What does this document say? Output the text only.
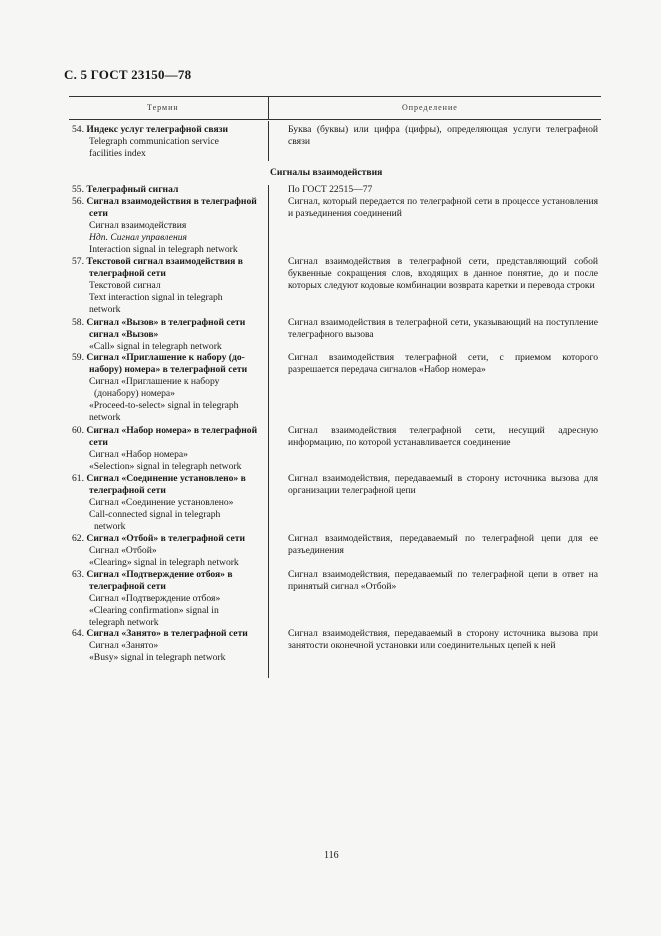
С. 5 ГОСТ 23150—78
Термин	Определение
54. Индекс услуг телеграфной связи
Telegraph communication service
facilities index
Буква (буквы) или цифра (цифры), определяющая услуги телеграфной связи
Сигналы взаимодействия
55. Телеграфный сигнал	По ГОСТ 22515—77
56. Сигнал взаимодействия в телеграфной
сети
Сигнал взаимодействия
Ндп. Сигнал управления
Interaction signal in telegraph network
Сигнал, который передается по телеграфной сети в процессе установления и разъединения соединений
57. Текстовой сигнал взаимодействия в
телеграфной сети
Текстовой сигнал
Text interaction signal in telegraph
network
Сигнал взаимодействия в телеграфной сети, представляющий собой буквенные сокращения слов, входящих в данное понятие, до и после которых следуют кодовые комбинации возврата каретки и перевода строки
58. Сигнал «Вызов» в телеграфной сети
сигнал «Вызов»
«Call» signal in telegraph network
Сигнал взаимодействия в телеграфной сети, указывающий на поступление телеграфного вызова
59. Сигнал «Приглашение к набору (до-
набору) номера» в телеграфной сети
Сигнал «Приглашение к набору
(донабору) номера»
«Proceed-to-select» signal in telegraph
network
Сигнал взаимодействия телеграфной сети, с приемом которого разрешается передача сигналов «Набор номера»
60. Сигнал «Набор номера» в телеграфной
сети
Сигнал «Набор номера»
«Selection» signal in telegraph network
Сигнал взаимодействия телеграфной сети, несущий адресную информацию, по которой устанавливается соединение
61. Сигнал «Соединение установлено» в
телеграфной сети
Сигнал «Соединение установлено»
Call-connected signal in telegraph
network
Сигнал взаимодействия, передаваемый в сторону источника вызова для организации телеграфной цепи
62. Сигнал «Отбой» в телеграфной сети
Сигнал «Отбой»
«Clearing» signal in telegraph network
Сигнал взаимодействия, передаваемый по телеграфной цепи для ее разъединения
63. Сигнал «Подтверждение отбоя» в
телеграфной сети
Сигнал «Подтверждение отбоя»
«Clearing confirmation» signal in
telegraph network
Сигнал взаимодействия, передаваемый по телеграфной цепи в ответ на принятый сигнал «Отбой»
64. Сигнал «Занято» в телеграфной сети
Сигнал «Занято»
«Busy» signal in telegraph network
Сигнал взаимодействия, передаваемый в сторону источника вызова при занятости оконечной установки или соединительных цепей к ней
116
